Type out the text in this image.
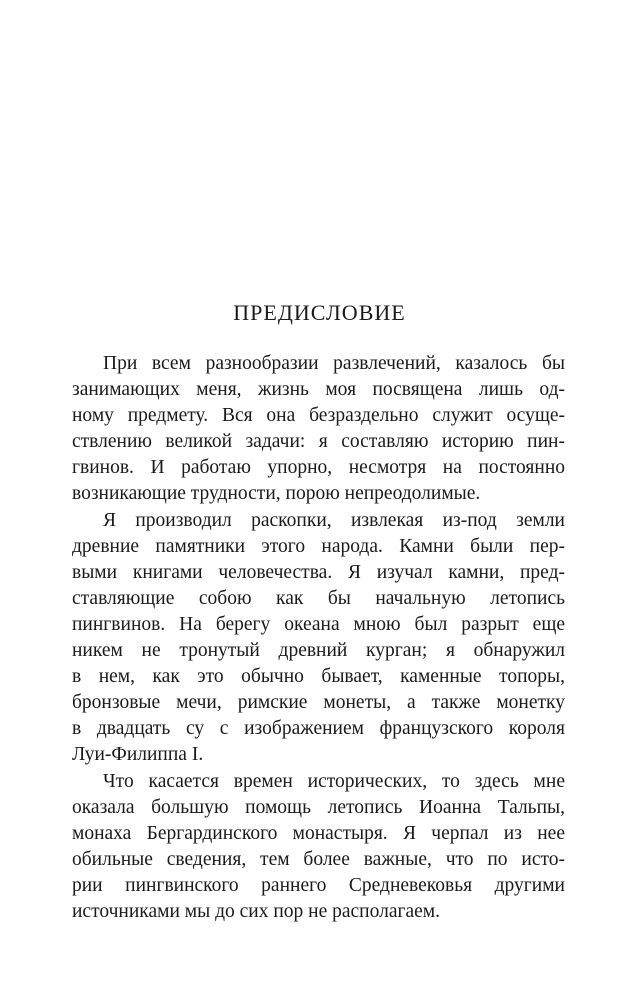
ПРЕДИСЛОВИЕ
При всем разнообразии развлечений, казалось бы
занимающих меня, жизнь моя посвящена лишь од-
ному предмету. Вся она безраздельно служит осуще-
ствлению великой задачи: я составляю историю пин-
гвинов. И работаю упорно, несмотря на постоянно
возникающие трудности, порою непреодолимые.
Я производил раскопки, извлекая из-под земли
древние памятники этого народа. Камни были пер-
выми книгами человечества. Я изучал камни, пред-
ставляющие собою как бы начальную летопись
пингвинов. На берегу океана мною был разрыт еще
никем не тронутый древний курган; я обнаружил
в нем, как это обычно бывает, каменные топоры,
бронзовые мечи, римские монеты, а также монетку
в двадцать су с изображением французского короля
Луи-Филиппа I.
Что касается времен исторических, то здесь мне
оказала большую помощь летопись Иоанна Тальпы,
монаха Бергардинского монастыря. Я черпал из нее
обильные сведения, тем более важные, что по исто-
рии пингвинского раннего Средневековья другими
источниками мы до сих пор не располагаем.
